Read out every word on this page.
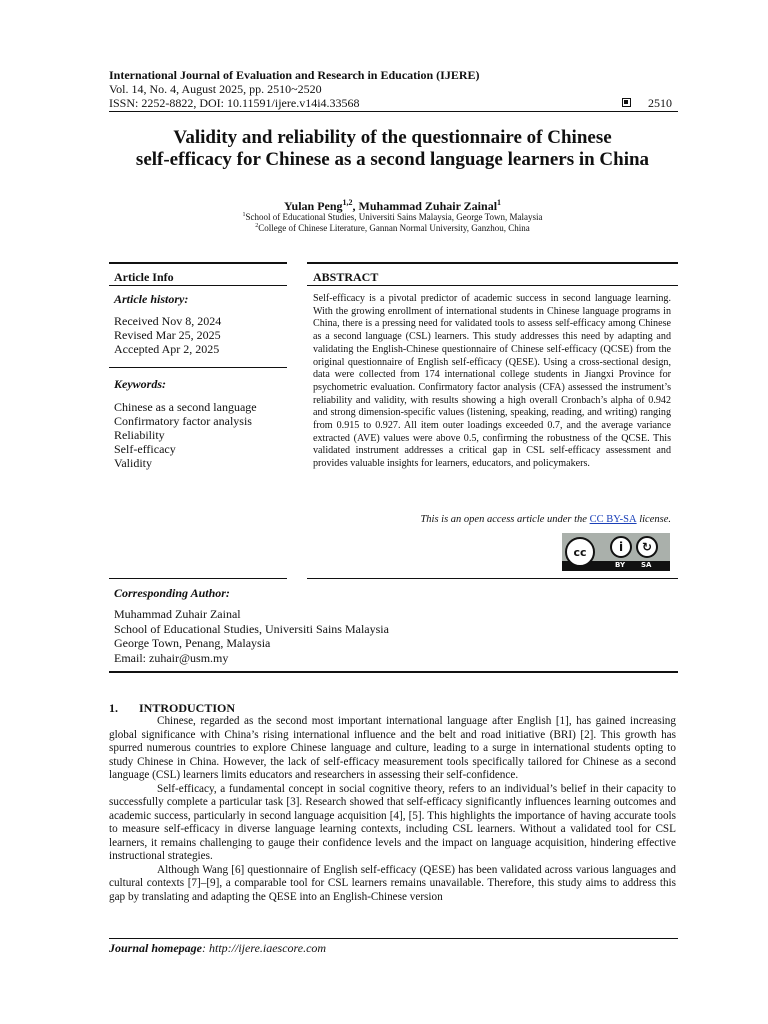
International Journal of Evaluation and Research in Education (IJERE)
Vol. 14, No. 4, August 2025, pp. 2510~2520
ISSN: 2252-8822, DOI: 10.11591/ijere.v14i4.33568	2510
Validity and reliability of the questionnaire of Chinese
self-efficacy for Chinese as a second language learners in China
Yulan Peng$^{1,2}$, Muhammad Zuhair Zainal$^1$
$^1$School of Educational Studies, Universiti Sains Malaysia, George Town, Malaysia
$^2$College of Chinese Literature, Gannan Normal University, Ganzhou, China
Article Info
Article history:
Received Nov 8, 2024
Revised Mar 25, 2025
Accepted Apr 2, 2025
Keywords:
Chinese as a second language
Confirmatory factor analysis
Reliability
Self-efficacy
Validity
ABSTRACT
Self-efficacy is a pivotal predictor of academic success in second language learning. With the growing enrollment of international students in Chinese language programs in China, there is a pressing need for validated tools to assess self-efficacy among Chinese as a second language (CSL) learners. This study addresses this need by adapting and validating the English-Chinese questionnaire of Chinese self-efficacy (QCSE) from the original questionnaire of English self-efficacy (QESE). Using a cross-sectional design, data were collected from 174 international college students in Jiangxi Province for psychometric evaluation. Confirmatory factor analysis (CFA) assessed the instrument’s reliability and validity, with results showing a high overall Cronbach’s alpha of 0.942 and strong dimension-specific values (listening, speaking, reading, and writing) ranging from 0.915 to 0.927. All item outer loadings exceeded 0.7, and the average variance extracted (AVE) values were above 0.5, confirming the robustness of the QCSE. This validated instrument addresses a critical gap in CSL self-efficacy assessment and provides valuable insights for learners, educators, and policymakers.
This is an open access article under the CC BY-SA license.
cc	i	↻
BY SA
Corresponding Author:
Muhammad Zuhair Zainal
School of Educational Studies, Universiti Sains Malaysia
George Town, Penang, Malaysia
Email: zuhair@usm.my
1.       INTRODUCTION

Chinese, regarded as the second most important international language after English [1], has gained increasing global significance with China’s rising international influence and the belt and road initiative (BRI) [2]. This growth has spurred numerous countries to explore Chinese language and culture, leading to a surge in international students opting to study Chinese in China. However, the lack of self-efficacy measurement tools specifically tailored for Chinese as a second language (CSL) learners limits educators and researchers in assessing their self-confidence.

Self-efficacy, a fundamental concept in social cognitive theory, refers to an individual’s belief in their capacity to successfully complete a particular task [3]. Research showed that self-efficacy significantly influences learning outcomes and academic success, particularly in second language acquisition [4], [5]. This highlights the importance of having accurate tools to measure self-efficacy in diverse language learning contexts, including CSL learners. Without a validated tool for CSL learners, it remains challenging to gauge their confidence levels and the impact on language acquisition, hindering effective instructional strategies.

Although Wang [6] questionnaire of English self-efficacy (QESE) has been validated across various languages and cultural contexts [7]–[9], a comparable tool for CSL learners remains unavailable. Therefore, this study aims to address this gap by translating and adapting the QESE into an English-Chinese version

Journal homepage: http://ijere.iaescore.com
